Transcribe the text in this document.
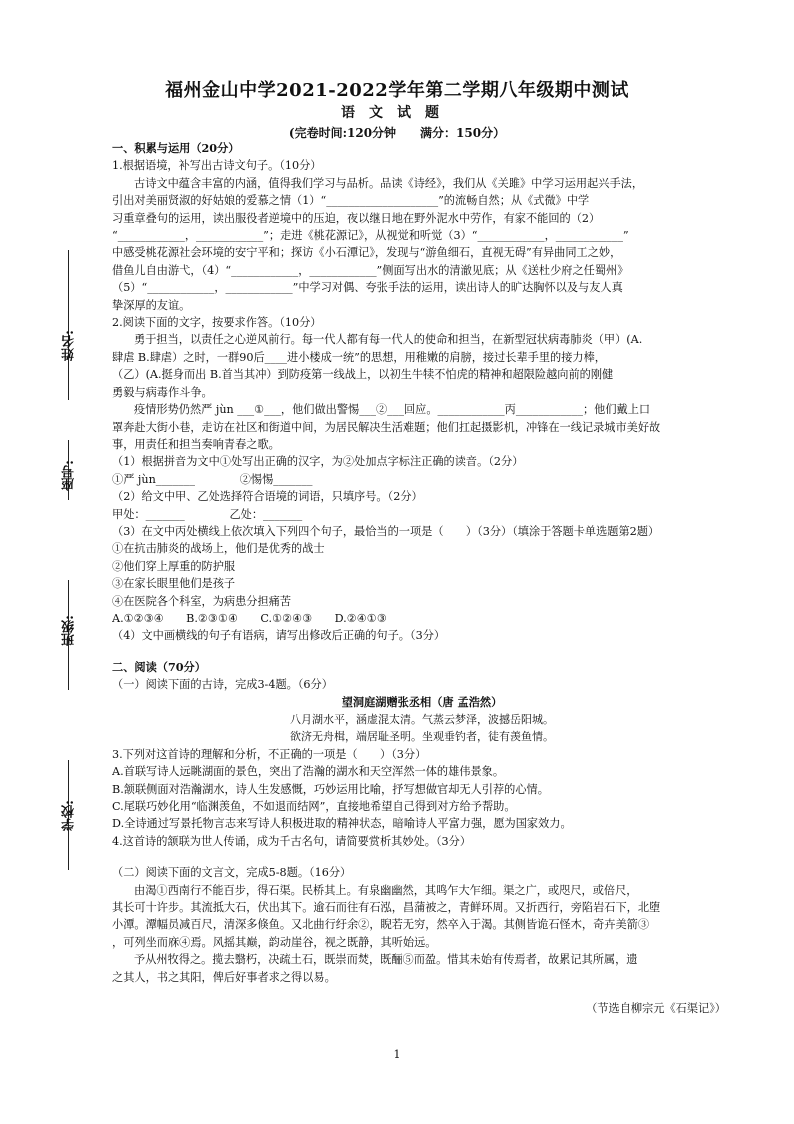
福州金山中学2021-2022学年第二学期八年级期中测试
语文试题
(完卷时间:120分钟　　满分：150分）
姓名:
座号:
班级:
学校:

一、积累与运用（20分）

1.根据语境，补写出古诗文句子。（10分）

古诗文中蕴含丰富的内涵，值得我们学习与品析。品读《诗经》，我们从《关雎》中学习运用起兴手法，

引出对美丽贤淑的好姑娘的爱慕之情（1）“____________________”的流畅自然；从《式微》中学

习重章叠句的运用，读出服役者逆境中的压迫，夜以继日地在野外泥水中劳作，有家不能回的（2）

“____________，____________”；走进《桃花源记》，从视觉和听觉（3）“____________，____________”

中感受桃花源社会环境的安宁平和；探访《小石潭记》，发现与“游鱼细石，直视无碍”有异曲同工之妙，

借鱼儿自由游弋，（4）“____________，____________”侧面写出水的清澈见底；从《送杜少府之任蜀州》

（5）“____________，____________”中学习对偶、夸张手法的运用，读出诗人的旷达胸怀以及与友人真

挚深厚的友谊。

2.阅读下面的文字，按要求作答。（10分）

勇于担当，以责任之心逆风前行。每一代人都有每一代人的使命和担当，在新型冠状病毒肺炎（甲）(A.

肆虐 B.肆虐）之时，一群90后____进小楼成一统”的思想，用稚嫩的肩膀，接过长辈手里的接力棒，

（乙）(A.挺身而出 B.首当其冲）到防疫第一线战上，以初生牛犊不怕虎的精神和超限险越向前的刚健

勇毅与病毒作斗争。

疫情形势仍然严 jùn ___①___，他们做出警惕___②___回应。____________丙____________；他们戴上口

罩奔赴大街小巷，走访在社区和街道中间，为居民解决生活难题；他们扛起摄影机，冲锋在一线记录城市美好故

事，用责任和担当奏响青春之歌。

（1）根据拼音为文中①处写出正确的汉字，为②处加点字标注正确的读音。（2分）

①严 jùn_______　　　　②惕惕_______

（2）给文中甲、乙处选择符合语境的词语，只填序号。（2分）

甲处：_______　　　　乙处：_______

（3）在文中丙处横线上依次填入下列四个句子，最恰当的一项是（　　）（3分）（填涂于答题卡单选题第2题）

①在抗击肺炎的战场上，他们是优秀的战士

②他们穿上厚重的防护服

③在家长眼里他们是孩子

④在医院各个科室，为病患分担痛苦

A.①②③④　　B.②③①④　　C.①②④③　　D.②④①③

（4）文中画横线的句子有语病，请写出修改后正确的句子。（3分）

二、阅读（70分）

（一）阅读下面的古诗，完成3-4题。（6分）

望洞庭湖赠张丞相（唐 孟浩然）

八月湖水平，涵虚混太清。气蒸云梦泽，波撼岳阳城。

欲济无舟楫，端居耻圣明。坐观垂钓者，徒有羡鱼情。

3.下列对这首诗的理解和分析，不正确的一项是（　　）（3分）

A.首联写诗人远眺湖面的景色，突出了浩瀚的湖水和天空浑然一体的雄伟景象。

B.颔联侧面对浩瀚湖水，诗人生发感慨，巧妙运用比喻，抒写想做官却无人引荐的心情。

C.尾联巧妙化用“临渊羡鱼，不如退而结网”，直接地希望自己得到对方给予帮助。

D.全诗通过写景托物言志来写诗人积极进取的精神状态，暗喻诗人平富力强，愿为国家效力。

4.这首诗的颔联为世人传诵，成为千古名句，请简要赏析其妙处。（3分）

（二）阅读下面的文言文，完成5-8题。（16分）

由渴①西南行不能百步，得石渠。民桥其上。有泉幽幽然，其鸣乍大乍细。渠之广，或咫尺，或倍尺，

其长可十许步。其流抵大石，伏出其下。逾石而往有石泓，昌蒲被之，青鲜环周。又折西行，旁陷岩石下，北堕

小潭。潭幅员减百尺，清深多倏鱼。又北曲行纡余②，睨若无穷，然卒入于渴。其侧皆诡石怪木，奇卉美箭③

，可列坐而庥④焉。风摇其巅，韵动崖谷，视之既静，其听始远。

予从州牧得之。揽去翳朽，决疏土石，既崇而焚，既酾⑤而盈。惜其未始有传焉者，故累记其所属，遗

之其人，书之其阳，俾后好事者求之得以易。

（节选自柳宗元《石渠记》）

1
